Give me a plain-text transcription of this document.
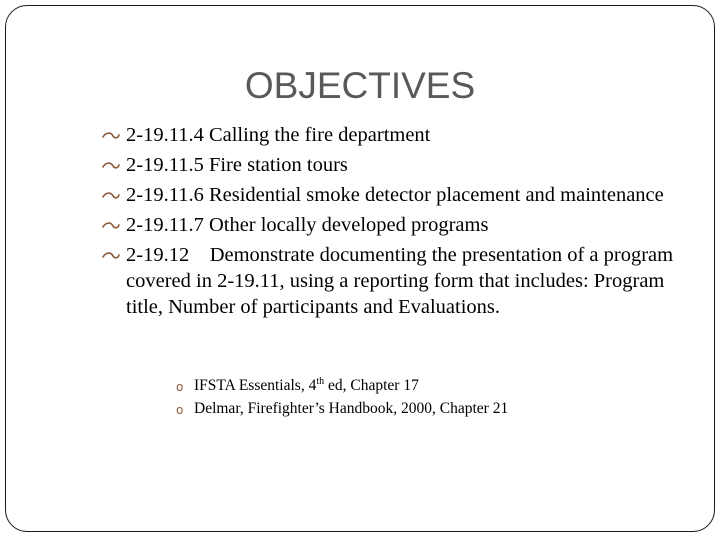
OBJECTIVES
2-19.11.4 Calling the fire department
2-19.11.5 Fire station tours
2-19.11.6 Residential smoke detector placement and maintenance
2-19.11.7 Other locally developed programs
2-19.12    Demonstrate documenting the presentation of a program covered in 2-19.11, using a reporting form that includes: Program title, Number of participants and Evaluations.
o IFSTA Essentials, 4th ed, Chapter 17
o Delmar, Firefighter’s Handbook, 2000, Chapter 21
